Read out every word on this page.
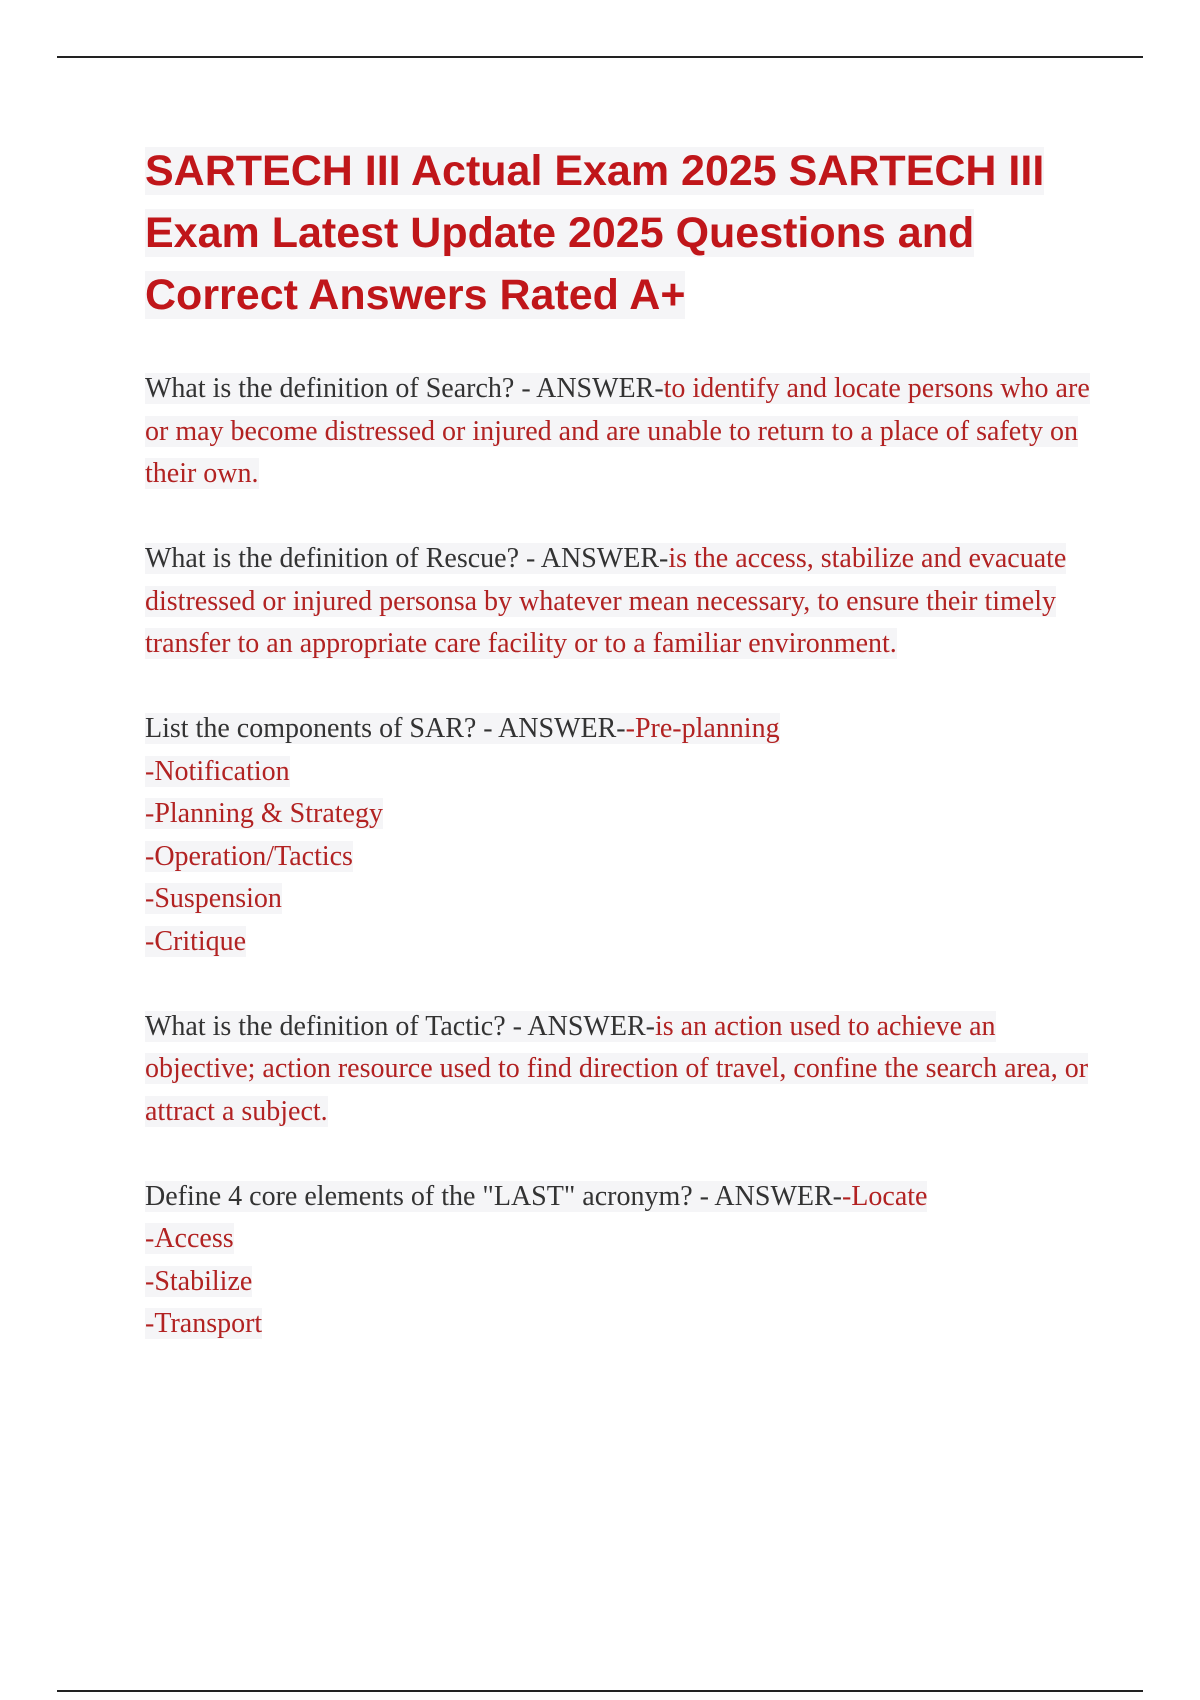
SARTECH III Actual Exam 2025 SARTECH III Exam Latest Update 2025 Questions and Correct Answers Rated A+

What is the definition of Search? - ANSWER-to identify and locate persons who are or may become distressed or injured and are unable to return to a place of safety on their own.

What is the definition of Rescue? - ANSWER-is the access, stabilize and evacuate distressed or injured personsa by whatever mean necessary, to ensure their timely transfer to an appropriate care facility or to a familiar environment.

List the components of SAR? - ANSWER--Pre-planning
-Notification
-Planning & Strategy
-Operation/Tactics
-Suspension
-Critique

What is the definition of Tactic? - ANSWER-is an action used to achieve an objective; action resource used to find direction of travel, confine the search area, or attract a subject.

Define 4 core elements of the "LAST" acronym? - ANSWER--Locate
-Access
-Stabilize
-Transport
